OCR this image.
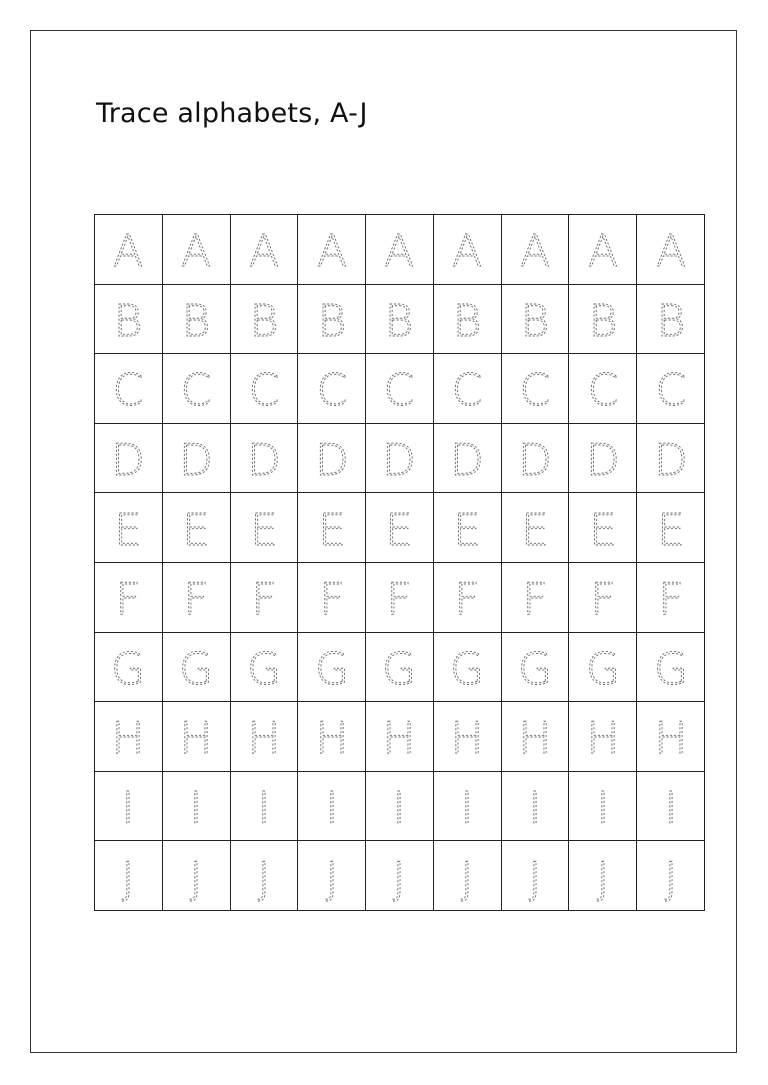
Trace alphabets, A-J
A A A A A A A A A
B B B B B B B B B
C C C C C C C C C
D D D D D D D D D
E E E E E E E E E
F F F F F F F F F
G G G G G G G G G
H H H H H H H H H
I I I I I I I I I
J J J J J J J J J
